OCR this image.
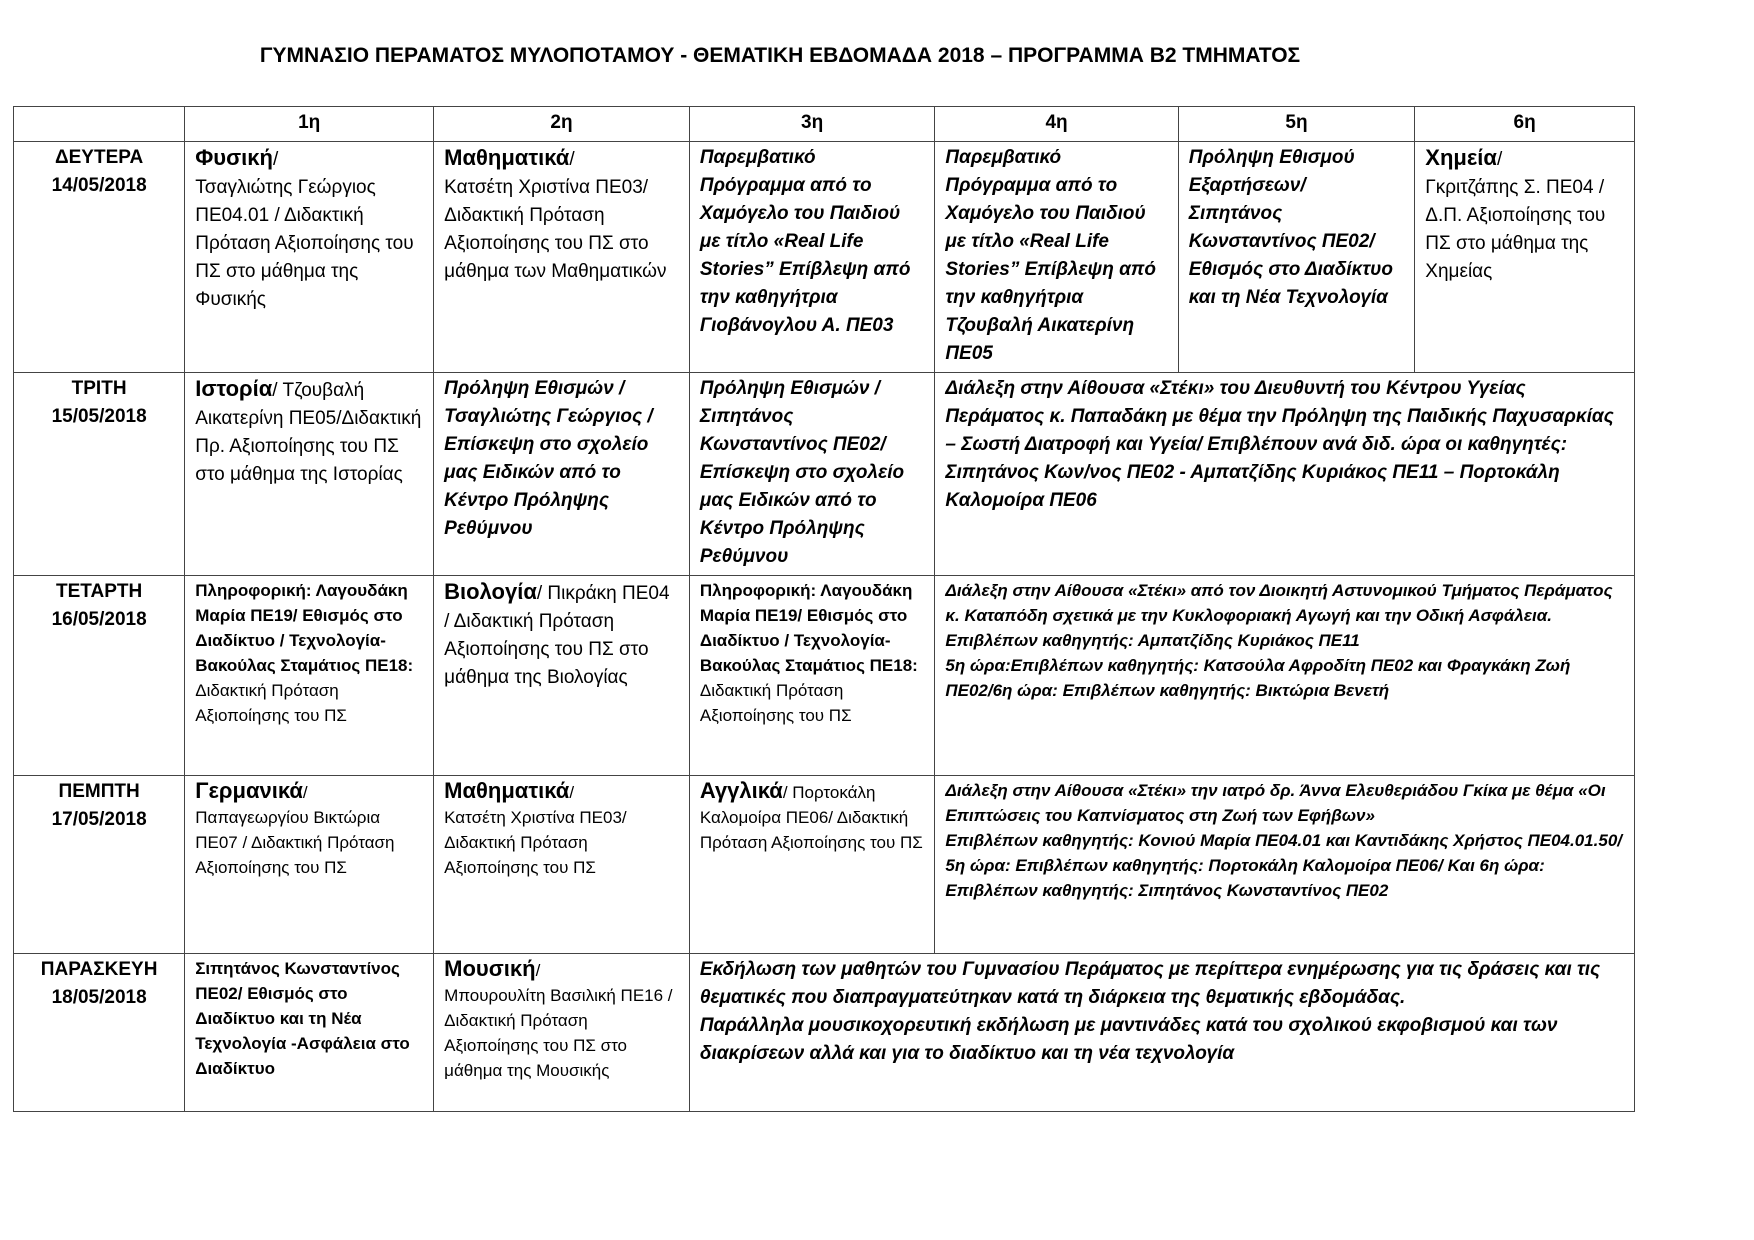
ΓΥΜΝΑΣΙΟ ΠΕΡΑΜΑΤΟΣ ΜΥΛΟΠΟΤΑΜΟΥ - ΘΕΜΑΤΙΚΗ ΕΒΔΟΜΑΔΑ 2018 – ΠΡΟΓΡΑΜΜΑ Β2 ΤΜΗΜΑΤΟΣ
	1η	2η	3η	4η	5η	6η

ΔΕΥΤΕΡΑ
14/05/2018	Φυσική/
Τσαγλιώτης Γεώργιος ΠΕ04.01 / Διδακτική Πρόταση Αξιοποίησης του ΠΣ στο μάθημα της Φυσικής	Μαθηματικά/
Κατσέτη Χριστίνα ΠΕ03/Διδακτική Πρόταση Αξιοποίησης του ΠΣ στο μάθημα των Μαθηματικών	Παρεμβατικό Πρόγραμμα από το Χαμόγελο του Παιδιού με τίτλο «Real Life Stories” Επίβλεψη από την καθηγήτρια Γιοβάνογλου Α. ΠΕ03	Παρεμβατικό Πρόγραμμα από το Χαμόγελο του Παιδιού με τίτλο «Real Life Stories” Επίβλεψη από την καθηγήτρια Τζουβαλή Αικατερίνη ΠΕ05	Πρόληψη Εθισμού Εξαρτήσεων/ Σιπητάνος Κωνσταντίνος ΠΕ02/ Εθισμός στο Διαδίκτυο και τη Νέα Τεχνολογία	Χημεία/
Γκριτζάπης Σ. ΠΕ04 / Δ.Π. Αξιοποίησης του ΠΣ στο μάθημα της Χημείας

ΤΡΙΤΗ
15/05/2018	Ιστορία/ Τζουβαλή Αικατερίνη ΠΕ05/Διδακτική Πρ. Αξιοποίησης του ΠΣ στο μάθημα της Ιστορίας	Πρόληψη Εθισμών / Τσαγλιώτης Γεώργιος /Επίσκεψη στο σχολείο μας Ειδικών από το Κέντρο Πρόληψης Ρεθύμνου	Πρόληψη Εθισμών / Σιπητάνος Κωνσταντίνος ΠΕ02/Επίσκεψη στο σχολείο μας Ειδικών από το Κέντρο Πρόληψης Ρεθύμνου	Διάλεξη στην Αίθουσα «Στέκι» του Διευθυντή του Κέντρου Υγείας Περάματος κ. Παπαδάκη με θέμα την Πρόληψη της Παιδικής Παχυσαρκίας – Σωστή Διατροφή και Υγεία/ Επιβλέπουν ανά διδ. ώρα οι καθηγητές: Σιπητάνος Κων/νος ΠΕ02 - Αμπατζίδης Κυριάκος ΠΕ11 – Πορτοκάλη Καλομοίρα ΠΕ06		

ΤΕΤΑΡΤΗ
16/05/2018	Πληροφορική: Λαγουδάκη Μαρία ΠΕ19/ Εθισμός στο Διαδίκτυο / Τεχνολογία- Βακούλας Σταμάτιος ΠΕ18:
Διδακτική Πρόταση Αξιοποίησης του ΠΣ	Βιολογία/ Πικράκη ΠΕ04 / Διδακτική Πρόταση Αξιοποίησης του ΠΣ στο μάθημα της Βιολογίας	Πληροφορική: Λαγουδάκη Μαρία ΠΕ19/ Εθισμός στο Διαδίκτυο / Τεχνολογία- Βακούλας Σταμάτιος ΠΕ18:
Διδακτική Πρόταση Αξιοποίησης του ΠΣ	Διάλεξη στην Αίθουσα «Στέκι» από τον Διοικητή Αστυνομικού Τμήματος Περάματος κ. Καταπόδη σχετικά με την Κυκλοφοριακή Αγωγή και την Οδική Ασφάλεια.
Επιβλέπων καθηγητής: Αμπατζίδης Κυριάκος ΠΕ11
5η ώρα:Επιβλέπων καθηγητής: Κατσούλα Αφροδίτη ΠΕ02 και Φραγκάκη Ζωή ΠΕ02/6η ώρα: Επιβλέπων καθηγητής: Βικτώρια Βενετή		

ΠΕΜΠΤΗ
17/05/2018	Γερμανικά/
Παπαγεωργίου Βικτώρια ΠΕ07 / Διδακτική Πρόταση Αξιοποίησης του ΠΣ	Μαθηματικά/
Κατσέτη Χριστίνα ΠΕ03/ Διδακτική Πρόταση Αξιοποίησης του ΠΣ	Αγγλικά/ Πορτοκάλη Καλομοίρα ΠΕ06/ Διδακτική Πρόταση Αξιοποίησης του ΠΣ	Διάλεξη στην Αίθουσα «Στέκι» την ιατρό δρ. Άννα Ελευθεριάδου Γκίκα με θέμα «Οι Επιπτώσεις του Καπνίσματος στη Ζωή των Εφήβων»
Επιβλέπων καθηγητής: Κονιού Μαρία ΠΕ04.01 και Καντιδάκης Χρήστος ΠΕ04.01.50/ 5η ώρα: Επιβλέπων καθηγητής: Πορτοκάλη Καλομοίρα ΠΕ06/ Και 6η ώρα: Επιβλέπων καθηγητής: Σιπητάνος Κωνσταντίνος ΠΕ02		

ΠΑΡΑΣΚΕΥΗ
18/05/2018	Σιπητάνος Κωνσταντίνος ΠΕ02/ Εθισμός στο Διαδίκτυο και τη Νέα Τεχνολογία -Ασφάλεια στο Διαδίκτυο	Μουσική/
Μπουρουλίτη Βασιλική ΠΕ16 / Διδακτική Πρόταση Αξιοποίησης του ΠΣ στο μάθημα της Μουσικής	Εκδήλωση των μαθητών του Γυμνασίου Περάματος με περίττερα ενημέρωσης για τις δράσεις και τις θεματικές που διαπραγματεύτηκαν κατά τη διάρκεια της θεματικής εβδομάδας.
Παράλληλα μουσικοχορευτική εκδήλωση με μαντινάδες κατά του σχολικού εκφοβισμού και των διακρίσεων αλλά και για το διαδίκτυο και τη νέα τεχνολογία			
